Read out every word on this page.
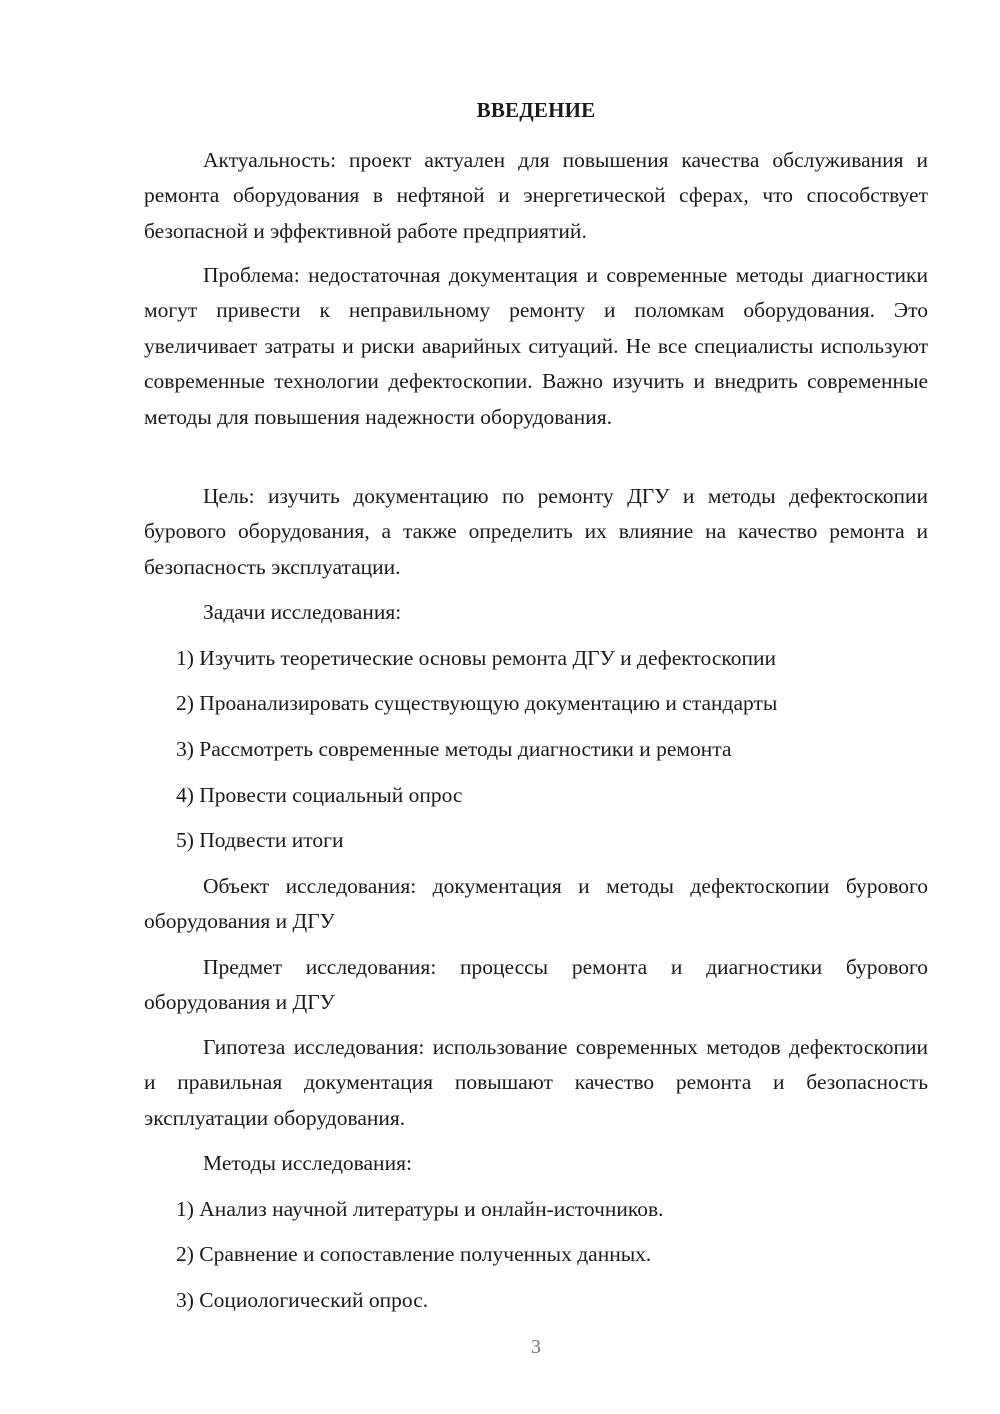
ВВЕДЕНИЕ
Актуальность: проект актуален для повышения качества обслуживания и ремонта оборудования в нефтяной и энергетической сферах, что способствует безопасной и эффективной работе предприятий.
Проблема: недостаточная документация и современные методы диагностики могут привести к неправильному ремонту и поломкам оборудования. Это увеличивает затраты и риски аварийных ситуаций. Не все специалисты используют современные технологии дефектоскопии. Важно изучить и внедрить современные методы для повышения надежности оборудования.
Цель: изучить документацию по ремонту ДГУ и методы дефектоскопии бурового оборудования, а также определить их влияние на качество ремонта и безопасность эксплуатации.
Задачи исследования:
1) Изучить теоретические основы ремонта ДГУ и дефектоскопии
2) Проанализировать существующую документацию и стандарты
3) Рассмотреть современные методы диагностики и ремонта
4) Провести социальный опрос
5) Подвести итоги
Объект исследования: документация и методы дефектоскопии бурового оборудования и ДГУ
Предмет исследования: процессы ремонта и диагностики бурового оборудования и ДГУ
Гипотеза исследования: использование современных методов дефектоскопии и правильная документация повышают качество ремонта и безопасность эксплуатации оборудования.
Методы исследования:
1) Анализ научной литературы и онлайн-источников.
2) Сравнение и сопоставление полученных данных.
3) Социологический опрос.
3
